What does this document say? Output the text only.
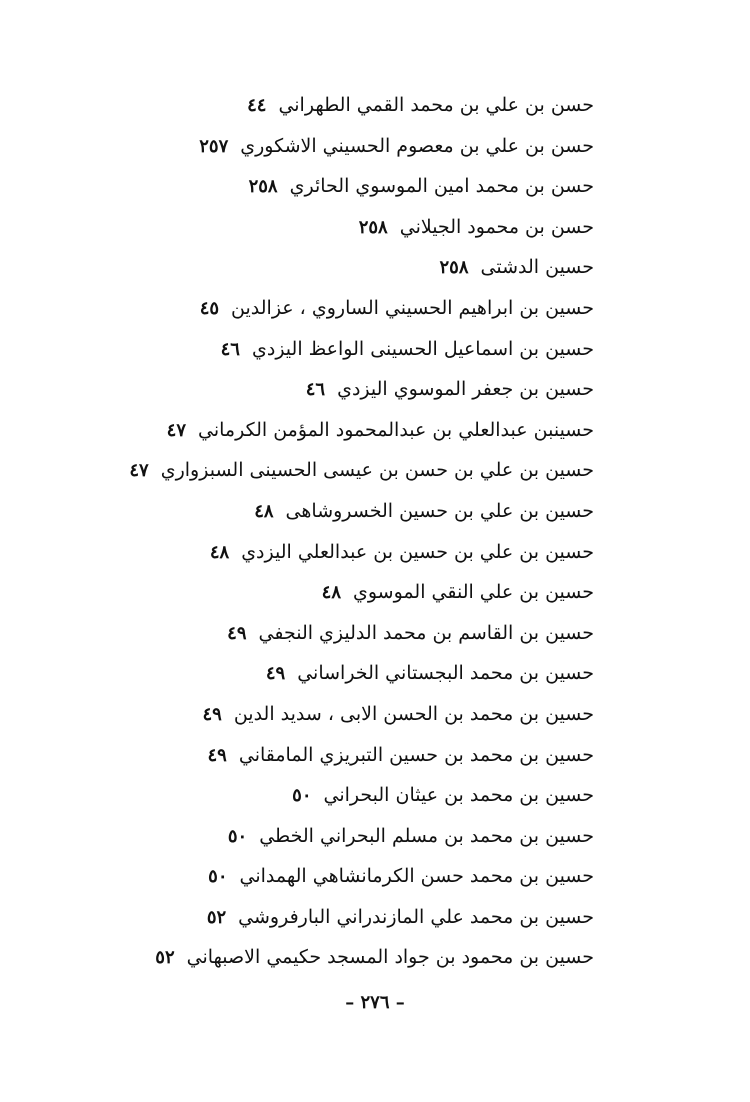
حسن بن علي بن محمد القمي الطهراني٤٤
حسن بن علي بن معصوم الحسيني الاشكوري٢٥٧
حسن بن محمد امين الموسوي الحائري٢٥٨
حسن بن محمود الجيلاني٢٥٨
حسين الدشتى٢٥٨
حسين بن ابراهيم الحسيني الساروي ، عزالدين٤٥
حسين بن اسماعيل الحسينى الواعظ اليزدي٤٦
حسين بن جعفر الموسوي اليزدي٤٦
حسينبن عبدالعلي بن عبدالمحمود المؤمن الكرماني٤٧
حسين بن علي بن حسن بن عيسى الحسينى السبزواري٤٧
حسين بن علي بن حسين الخسروشاهى٤٨
حسين بن علي بن حسين بن عبدالعلي اليزدي٤٨
حسين بن علي النقي الموسوي٤٨
حسين بن القاسم بن محمد الدليزي النجفي٤٩
حسين بن محمد البجستاني الخراساني٤٩
حسين بن محمد بن الحسن الابى ، سديد الدين٤٩
حسين بن محمد بن حسين التبريزي المامقاني٤٩
حسين بن محمد بن عيثان البحراني٥٠
حسين بن محمد بن مسلم البحراني الخطي٥٠
حسين بن محمد حسن الكرمانشاهي الهمداني٥٠
حسين بن محمد علي المازندراني البارفروشي٥٢
حسين بن محمود بن جواد المسجد حكيمي الاصبهاني٥٢
– ٢٧٦ –
